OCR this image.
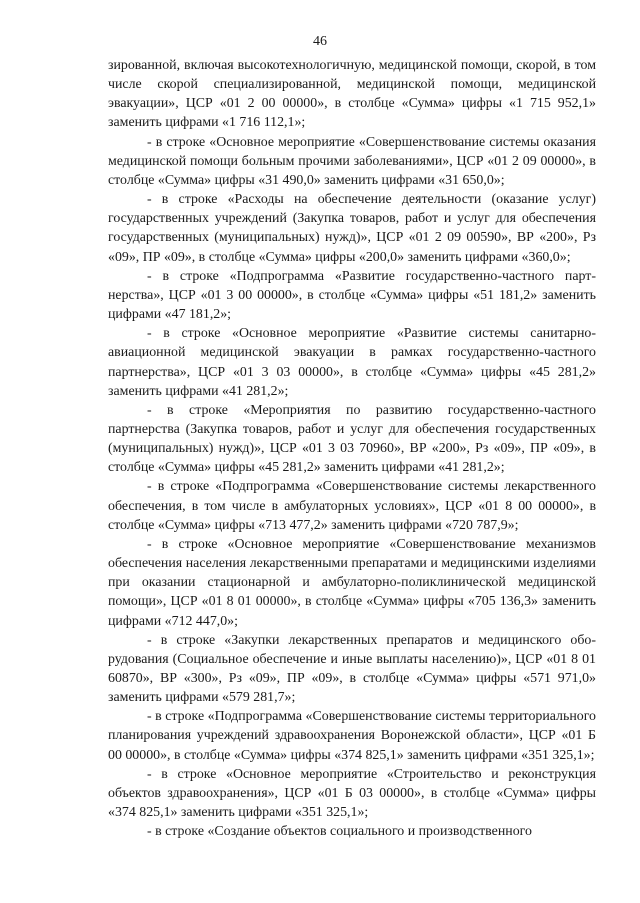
46

зированной, включая высокотехнологичную, медицинской помощи, скорой, в том числе скорой специализированной, медицинской помощи, медицинской эвакуации», ЦСР «01 2 00 00000», в столбце «Сумма» цифры «1 715 952,1» заменить цифрами «1 716 112,1»;

- в строке «Основное мероприятие «Совершенствование системы оказания медицинской помощи больным прочими заболеваниями», ЦСР «01 2 09 00000», в столбце «Сумма» цифры «31 490,0» заменить цифрами «31 650,0»;

- в строке «Расходы на обеспечение деятельности (оказание услуг) государственных учреждений (Закупка товаров, работ и услуг для обеспечения государственных (муниципальных) нужд)», ЦСР «01 2 09 00590», ВР «200», Рз «09», ПР «09», в столбце «Сумма» цифры «200,0» заменить цифрами «360,0»;

- в строке «Подпрограмма «Развитие государственно-частного партнерства», ЦСР «01 3 00 00000», в столбце «Сумма» цифры «51 181,2» заменить цифрами «47 181,2»;

- в строке «Основное мероприятие «Развитие системы санитарно-авиационной медицинской эвакуации в рамках государственно-частного партнерства», ЦСР «01 3 03 00000», в столбце «Сумма» цифры «45 281,2» заменить цифрами «41 281,2»;

- в строке «Мероприятия по развитию государственно-частного партнерства (Закупка товаров, работ и услуг для обеспечения государственных (муниципальных) нужд)», ЦСР «01 3 03 70960», ВР «200», Рз «09», ПР «09», в столбце «Сумма» цифры «45 281,2» заменить цифрами «41 281,2»;

- в строке «Подпрограмма «Совершенствование системы лекарственного обеспечения, в том числе в амбулаторных условиях», ЦСР «01 8 00 00000», в столбце «Сумма» цифры «713 477,2» заменить цифрами «720 787,9»;

- в строке «Основное мероприятие «Совершенствование механизмов обеспечения населения лекарственными препаратами и медицинскими изделиями при оказании стационарной и амбулаторно-поликлинической медицинской помощи», ЦСР «01 8 01 00000», в столбце «Сумма» цифры «705 136,3» заменить цифрами «712 447,0»;

- в строке «Закупки лекарственных препаратов и медицинского оборудования (Социальное обеспечение и иные выплаты населению)», ЦСР «01 8 01 60870», ВР «300», Рз «09», ПР «09», в столбце «Сумма» цифры «571 971,0» заменить цифрами «579 281,7»;

- в строке «Подпрограмма «Совершенствование системы территориального планирования учреждений здравоохранения Воронежской области», ЦСР «01 Б 00 00000», в столбце «Сумма» цифры «374 825,1» заменить цифрами «351 325,1»;

- в строке «Основное мероприятие «Строительство и реконструкция объектов здравоохранения», ЦСР «01 Б 03 00000», в столбце «Сумма» цифры «374 825,1» заменить цифрами «351 325,1»;

- в строке «Создание объектов социального и производственного
